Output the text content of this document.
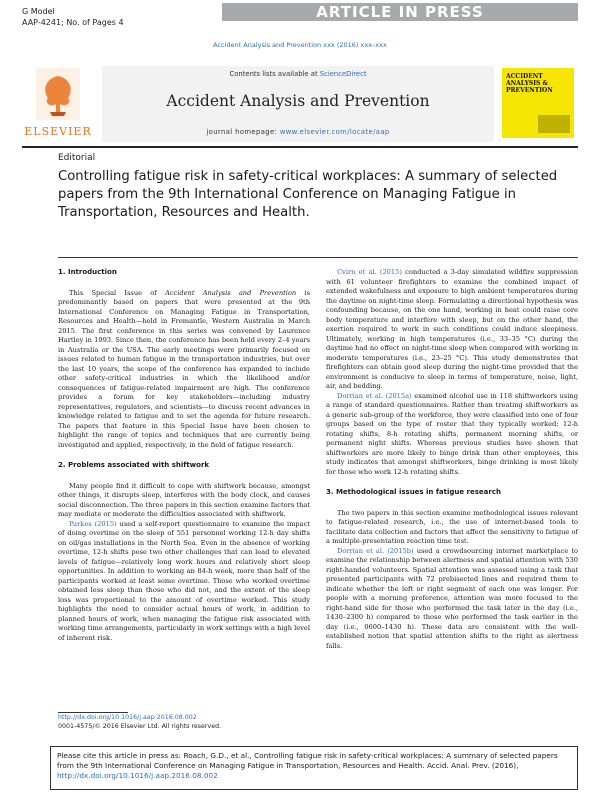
G Model
AAP-4241; No. of Pages 4
ARTICLE IN PRESS
Accident Analysis and Prevention xxx (2016) xxx–xxx
ELSEVIER
Contents lists available at ScienceDirect
Accident Analysis and Prevention
journal homepage: www.elsevier.com/locate/aap
ACCIDENT
ANALYSIS &
PREVENTION
Editorial
Controlling fatigue risk in safety-critical workplaces: A summary of selected papers from the 9th International Conference on Managing Fatigue in Transportation, Resources and Health.
1. Introduction

This Special Issue of Accident Analysis and Prevention is predominantly based on papers that were presented at the 9th International Conference on Managing Fatigue in Transportation, Resources and Health—held in Fremantle, Western Australia in March 2015. The first conference in this series was convened by Laurence Hartley in 1993. Since then, the conference has been held every 2–4 years in Australia or the USA. The early meetings were primarily focused on issues related to human fatigue in the transportation industries, but over the last 10 years, the scope of the conference has expanded to include other safety-critical industries in which the likelihood and/or consequences of fatigue-related impairment are high. The conference provides a forum for key stakeholders—including industry representatives, regulators, and scientists—to discuss recent advances in knowledge related to fatigue and to set the agenda for future research. The papers that feature in this Special Issue have been chosen to highlight the range of topics and techniques that are currently being investigated and applied, respectively, in the field of fatigue research.

2. Problems associated with shiftwork

Many people find it difficult to cope with shiftwork because, amongst other things, it disrupts sleep, interferes with the body clock, and causes social disconnection. The three papers in this section examine factors that may mediate or moderate the difficulties associated with shiftwork.

Parkes (2015) used a self-report questionnaire to examine the impact of doing overtime on the sleep of 551 personnel working 12-h day shifts on oil/gas installations in the North Sea. Even in the absence of working overtime, 12-h shifts pose two other challenges that can lead to elevated levels of fatigue—relatively long work hours and relatively short sleep opportunities. In addition to working an 84-h week, more than half of the participants worked at least some overtime. Those who worked overtime obtained less sleep than those who did not, and the extent of the sleep loss was proportional to the amount of overtime worked. This study highlights the need to consider actual hours of work, in addition to planned hours of work, when managing the fatigue risk associated with working time arrangements, particularly in work settings with a high level of inherent risk.

Cvirn et al. (2015) conducted a 3-day simulated wildfire suppression with 61 volunteer firefighters to examine the combined impact of extended wakefulness and exposure to high ambient temperatures during the daytime on night-time sleep. Formulating a directional hypothesis was confounding because, on the one hand, working in heat could raise core body temperature and interfere with sleep, but on the other hand, the exertion required to work in such conditions could induce sleepiness. Ultimately, working in high temperatures (i.e., 33–35 °C) during the daytime had no effect on night-time sleep when compared with working in moderate temperatures (i.e., 23–25 °C). This study demonstrates that firefighters can obtain good sleep during the night-time provided that the environment is conducive to sleep in terms of temperature, noise, light, air, and bedding.

Dorrian et al. (2015a) examined alcohol use in 118 shiftworkers using a range of standard questionnaires. Rather than treating shiftworkers as a generic sub-group of the workforce, they were classified into one of four groups based on the type of roster that they typically worked: 12-h rotating shifts, 8-h rotating shifts, permanent morning shifts, or permanent night shifts. Whereas previous studies have shown that shiftworkers are more likely to binge drink than other employees, this study indicates that amongst shiftworkers, binge drinking is most likely for those who work 12-h rotating shifts.

3. Methodological issues in fatigue research

The two papers in this section examine methodological issues relevant to fatigue-related research, i.e., the use of internet-based tools to facilitate data collection and factors that affect the sensitivity to fatigue of a multiple-presentation reaction time test.

Dorrian et al. (2015b) used a crowdsourcing internet marketplace to examine the relationship between alertness and spatial attention with 530 right-handed volunteers. Spatial attention was assessed using a task that presented participants with 72 prebisected lines and required them to indicate whether the left or right segment of each one was longer. For people with a morning preference, attention was more focused to the right-hand side for those who performed the task later in the day (i.e., 1430–2300 h) compared to those who performed the task earlier in the day (i.e., 0600–1430 h). These data are consistent with the well-established notion that spatial attention shifts to the right as alertness falls.

http://dx.doi.org/10.1016/j.aap.2016.08.002
0001-4575/© 2016 Elsevier Ltd. All rights reserved.
Please cite this article in press as: Roach, G.D., et al., Controlling fatigue risk in safety-critical workplaces: A summary of selected papers from the 9th International Conference on Managing Fatigue in Transportation, Resources and Health. Accid. Anal. Prev. (2016), http://dx.doi.org/10.1016/j.aap.2016.08.002
